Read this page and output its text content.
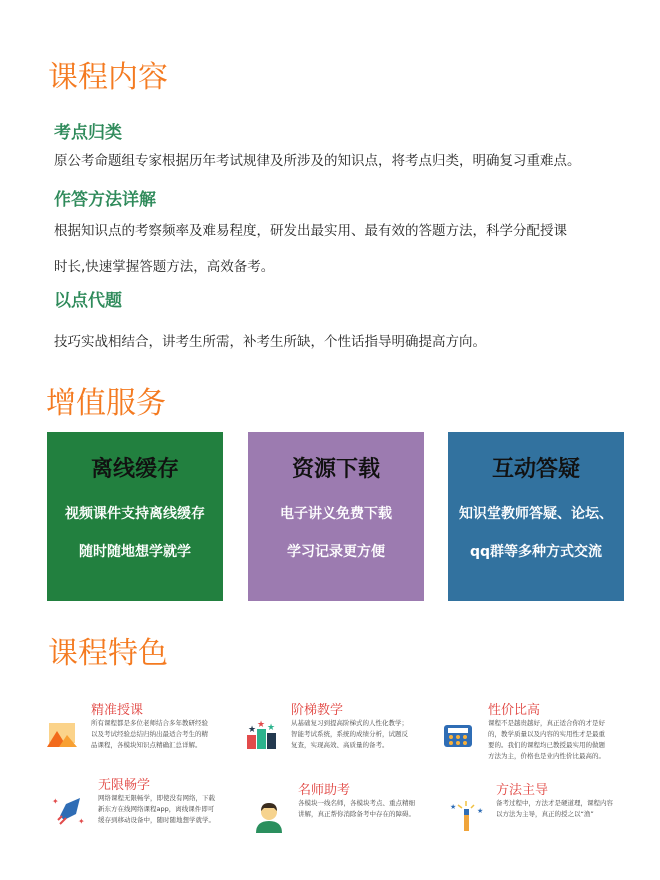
课程内容
考点归类
原公考命题组专家根据历年考试规律及所涉及的知识点，将考点归类，明确复习重难点。
作答方法详解
根据知识点的考察频率及难易程度，研发出最实用、最有效的答题方法，科学分配授课
时长,快速掌握答题方法，高效备考。
以点代题
技巧实战相结合，讲考生所需，补考生所缺，个性话指导明确提高方向。
增值服务
离线缓存
视频课件支持离线缓存
随时随地想学就学
资源下载
电子讲义免费下载
学习记录更方便
互动答疑
知识堂教师答疑、论坛、
qq群等多种方式交流
课程特色
精准授课
所有课程都是多位老师结合多年教研经验以及考试经验总结归纳出最适合考生的精品课程，各模块知识点精确汇总详解。
★ ★ ★
阶梯教学
从基础复习到提高阶梯式的人性化教学；智能考试系统，系统的成绩分析，试题反复查，实现高效、高质量的备考。
性价比高
课程不是越贵越好，真正适合你的才是好的，教学质量以及内容的实用性才是最重要的。我们的课程均已教授最实用的做题方法为主，价格也是业内性价比最高的。
✦
✦
无限畅学
网络课程无限畅学，即使没有网络，下载新东方在线网络课程app，离线课件即可缓存到移动设备中，随时随地想学就学。
名师助考
各模块一线名师，各模块考点、重点精细讲解，真正帮你消除备考中存在的障碍。
★	★
方法主导
备考过程中，方法才是硬道理，课程内容以方法为主导，真正的授之以“渔”
